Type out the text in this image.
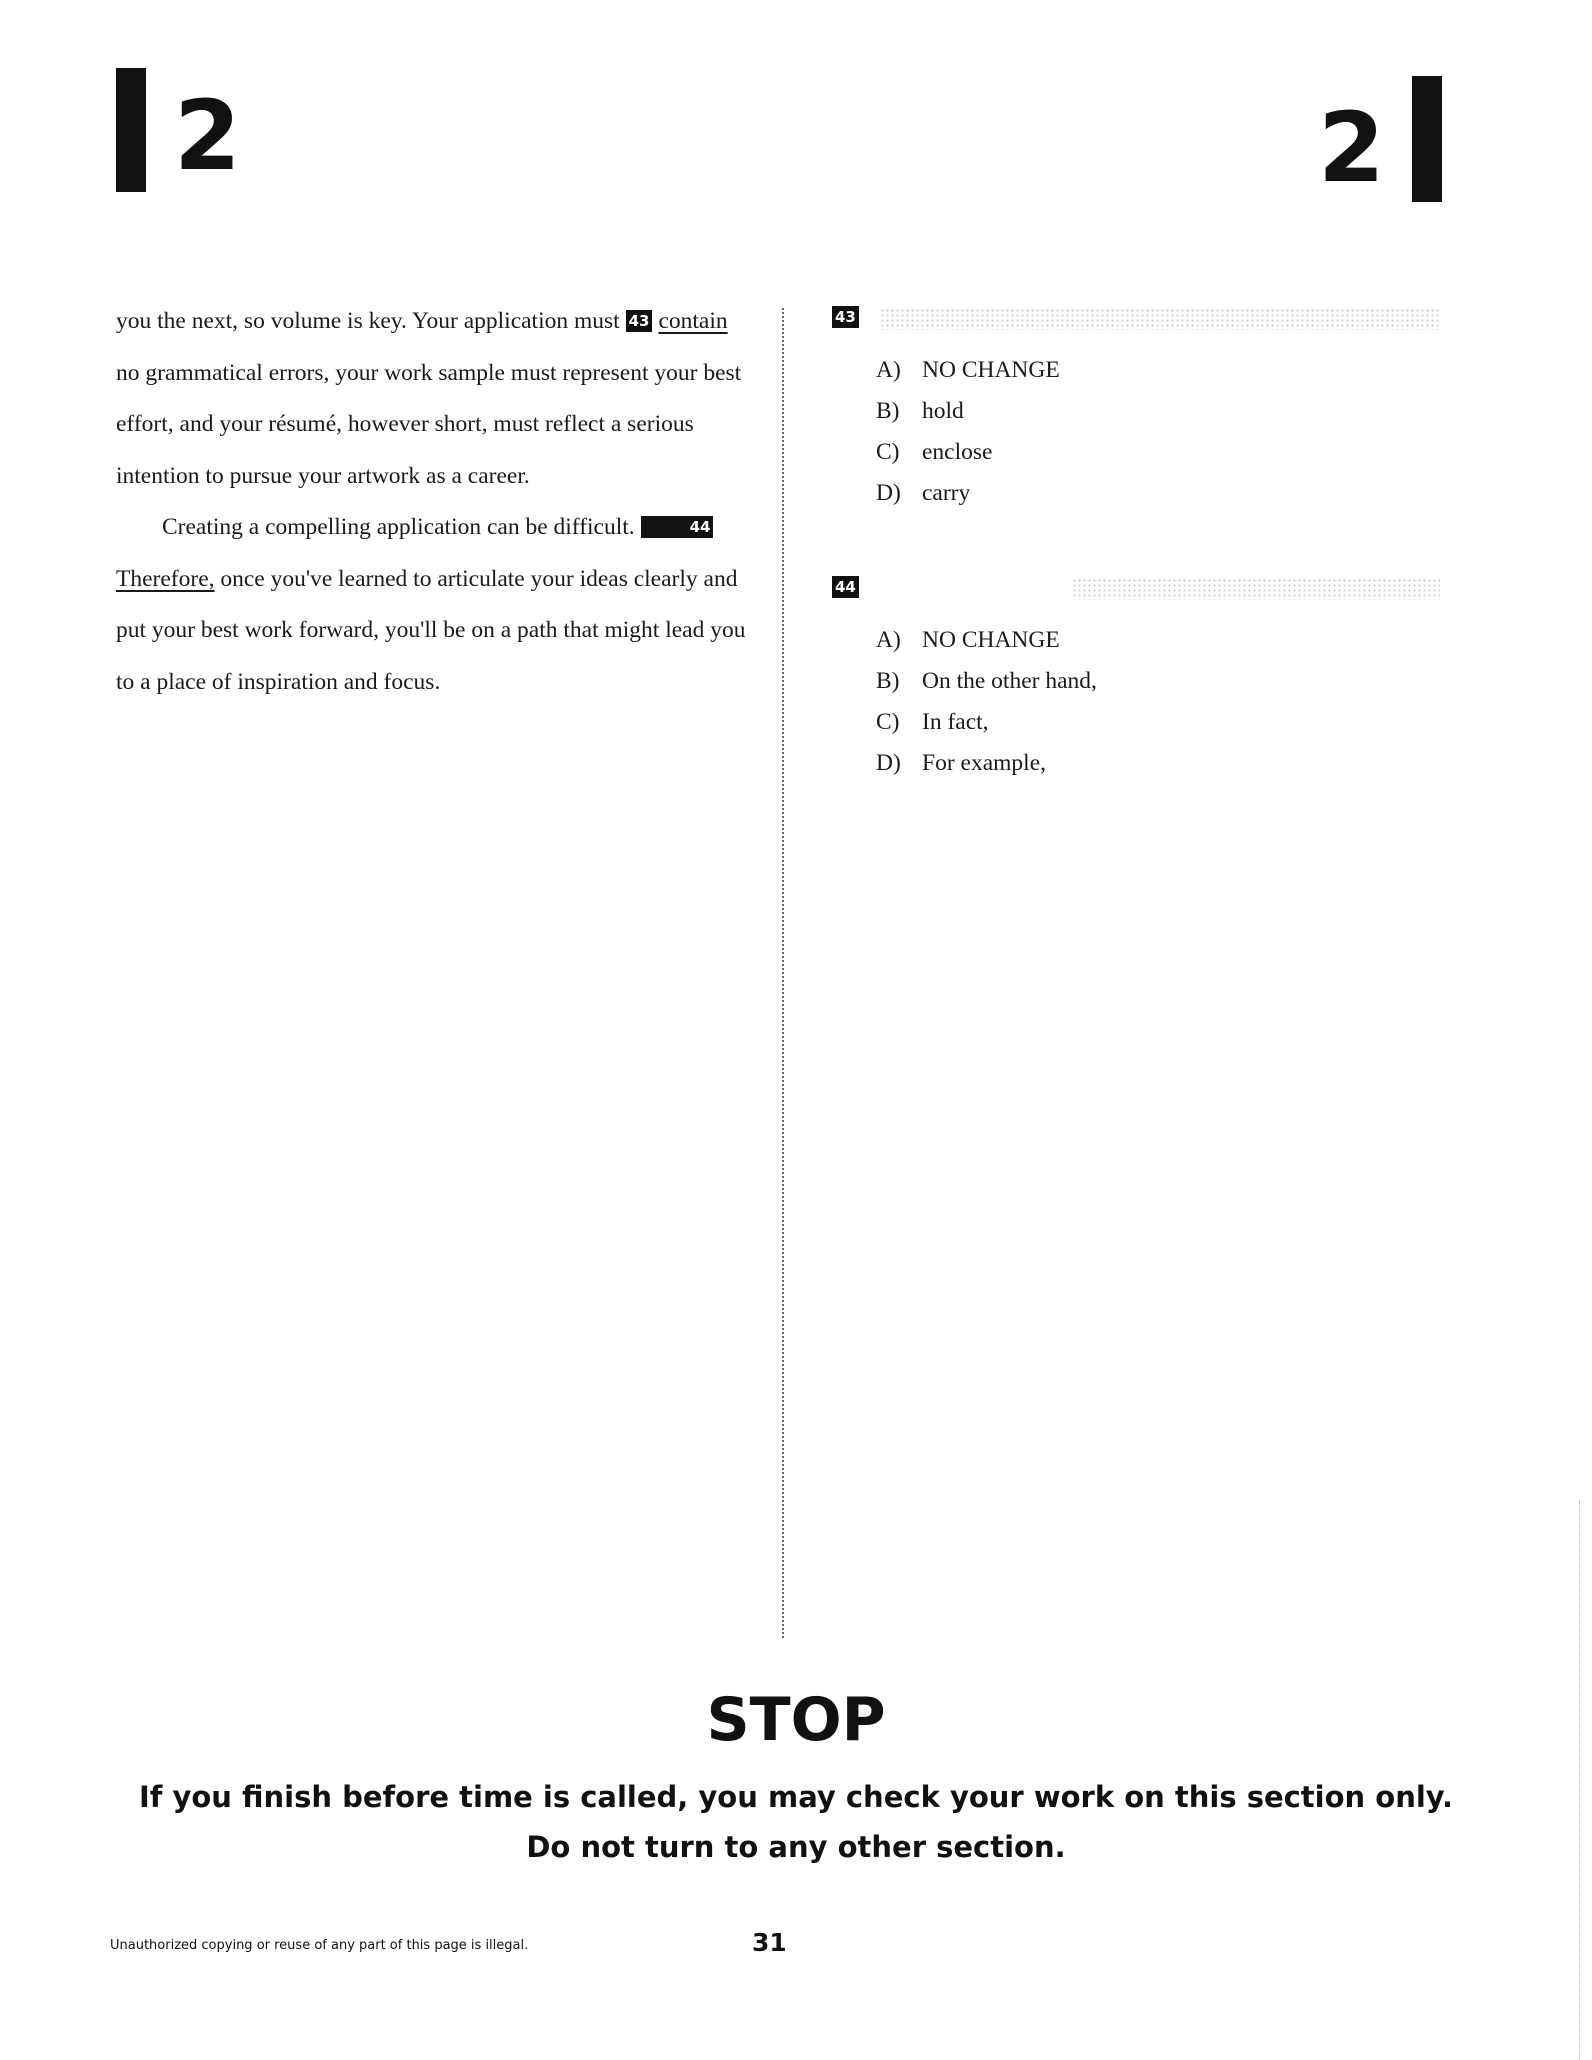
2	2

you the next, so volume is key. Your application must 43 contain no grammatical errors, your work sample must represent your best effort, and your résumé, however short, must reflect a serious intention to pursue your artwork as a career.

Creating a compelling application can be difficult.	44Therefore, once you've learned to articulate your ideas clearly and put your best work forward, you'll be on a path that might lead you to a place of inspiration and focus.

43
A) NO CHANGE
B) hold
C) enclose
D) carry
44
A) NO CHANGE
B) On the other hand,
C) In fact,
D) For example,
STOP
If you finish before time is called, you may check your work on this section only.
Do not turn to any other section.
Unauthorized copying or reuse of any part of this page is illegal.	31
